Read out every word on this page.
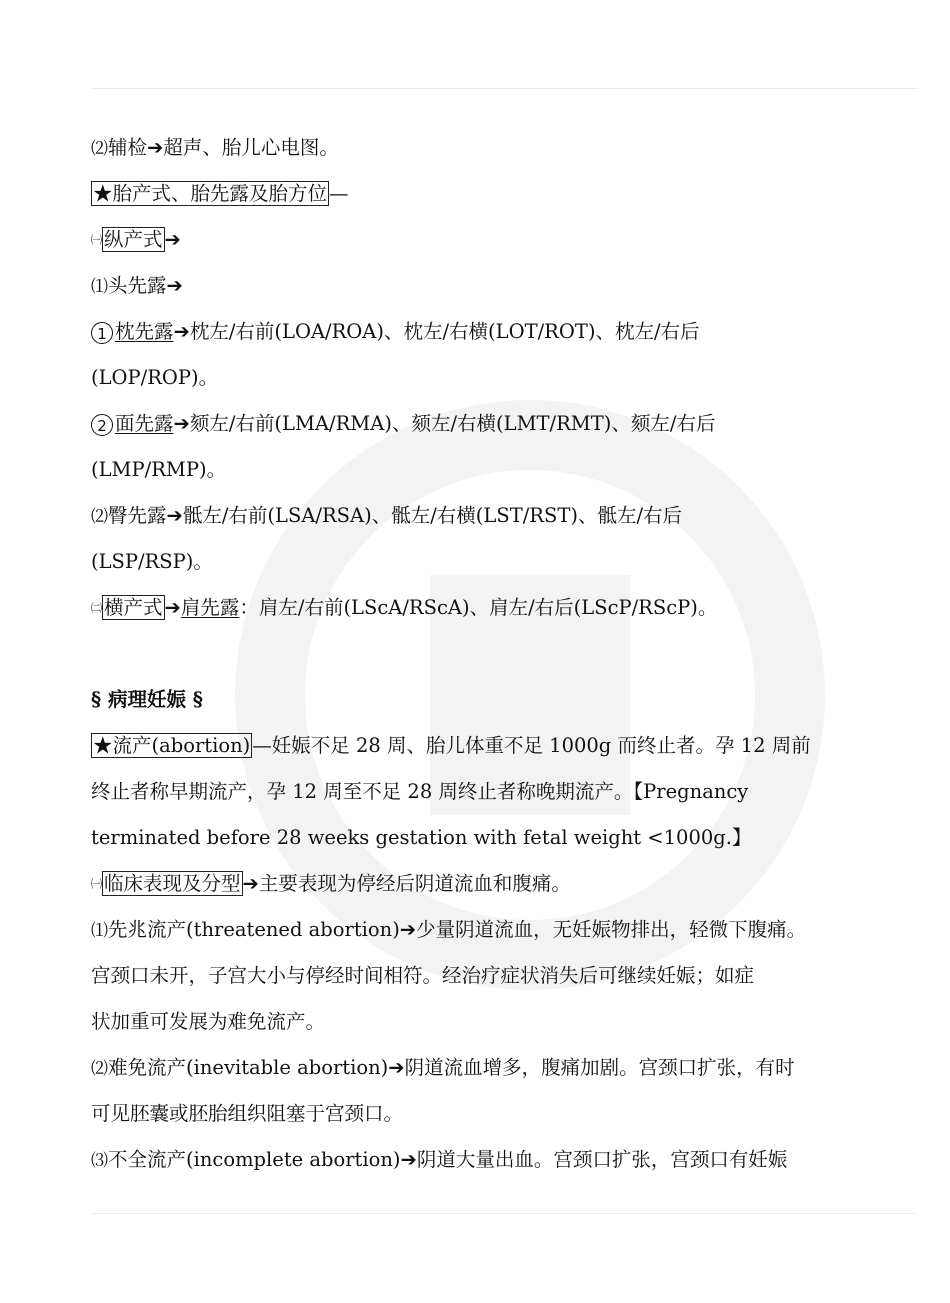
⑵辅检➔超声、胎儿心电图。
★胎产式、胎先露及胎方位 —
㈠ 纵产式 ➔
⑴头先露➔
1 枕先露➔枕左/右前(LOA/ROA)、枕左/右横(LOT/ROT)、枕左/右后
(LOP/ROP)。
2 面先露➔颏左/右前(LMA/RMA)、颏左/右横(LMT/RMT)、颏左/右后
(LMP/RMP)。
⑵臀先露➔骶左/右前(LSA/RSA)、骶左/右横(LST/RST)、骶左/右后
(LSP/RSP)。
㈡ 横产式 ➔肩先露：肩左/右前(LScA/RScA)、肩左/右后(LScP/RScP)。
§ 病理妊娠 §
★流产(abortion) —妊娠不足 28 周、胎儿体重不足 1000g 而终止者。孕 12 周前
终止者称早期流产，孕 12 周至不足 28 周终止者称晚期流产。【Pregnancy
terminated before 28 weeks gestation with fetal weight <1000g.】
㈠ 临床表现及分型 ➔主要表现为停经后阴道流血和腹痛。
⑴先兆流产(threatened abortion)➔少量阴道流血，无妊娠物排出，轻微下腹痛。
宫颈口未开，子宫大小与停经时间相符。经治疗症状消失后可继续妊娠；如症
状加重可发展为难免流产。
⑵难免流产(inevitable abortion)➔阴道流血增多，腹痛加剧。宫颈口扩张，有时
可见胚囊或胚胎组织阻塞于宫颈口。
⑶不全流产(incomplete abortion)➔阴道大量出血。宫颈口扩张，宫颈口有妊娠
